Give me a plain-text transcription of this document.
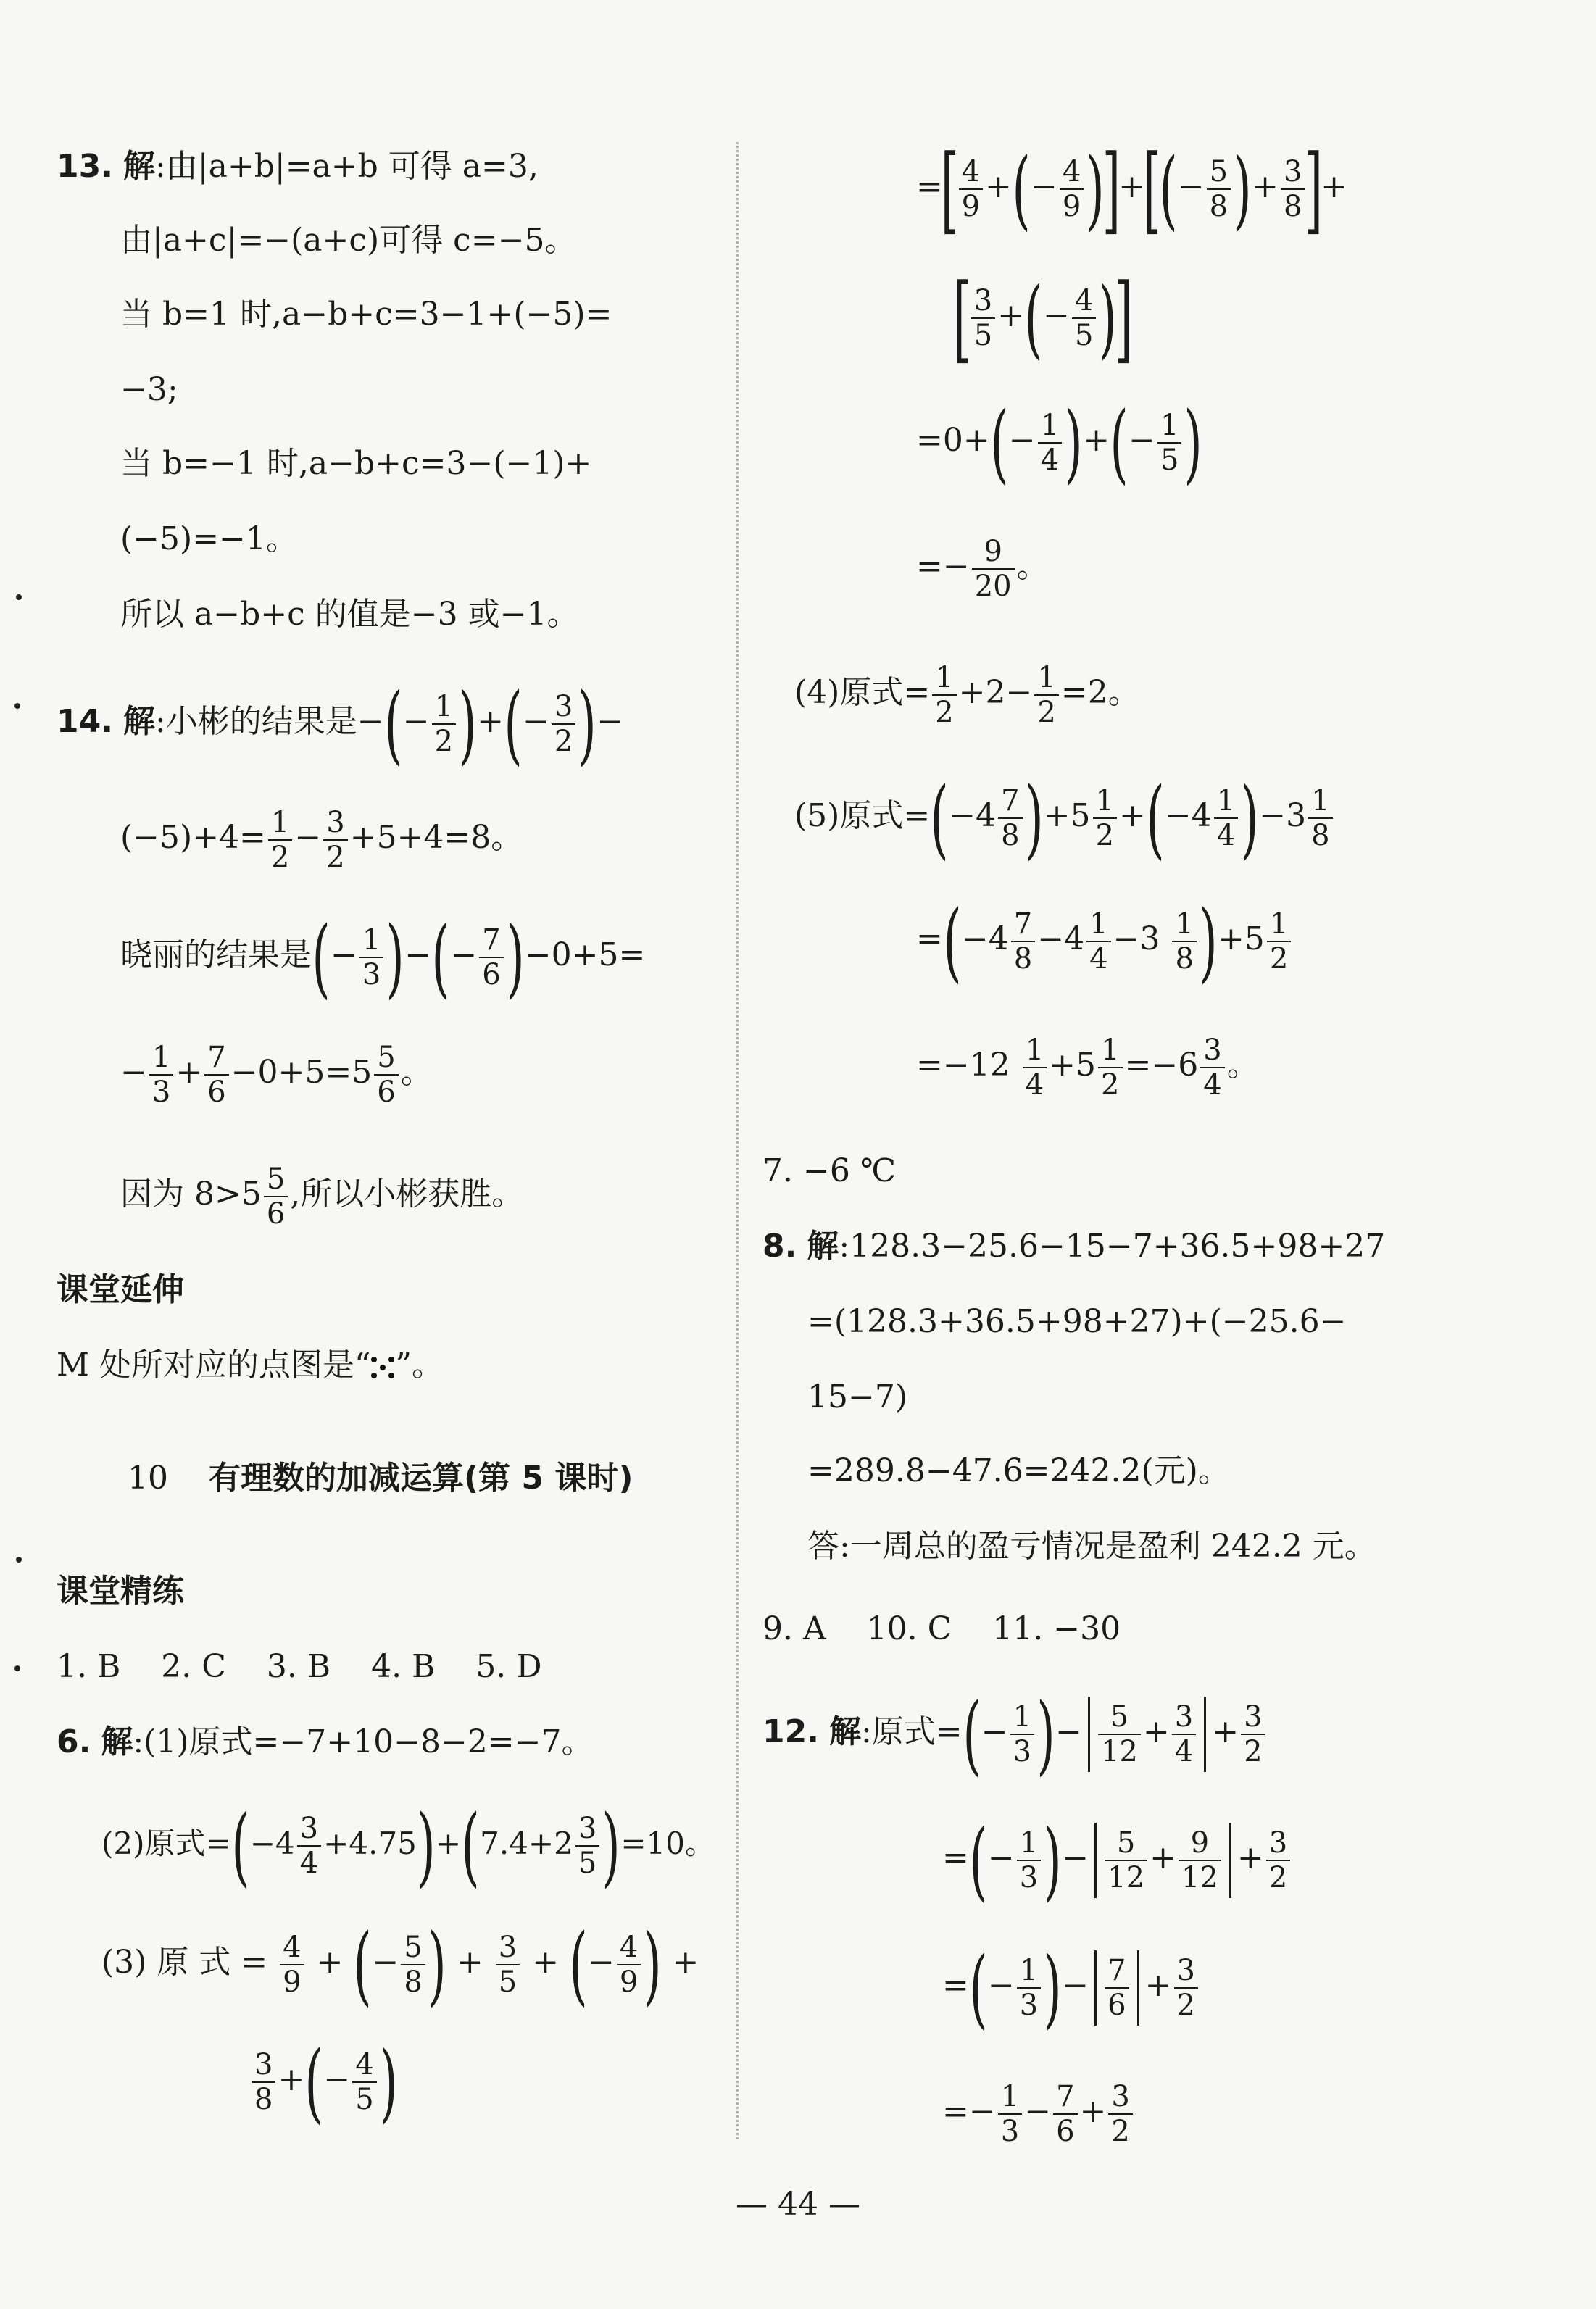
13. 解:由|a+b|=a+b 可得 a=3,
由|a+c|=−(a+c)可得 c=−5。
当 b=1 时,a−b+c=3−1+(−5)=
−3;
当 b=−1 时,a−b+c=3−(−1)+
(−5)=−1。
所以 a−b+c 的值是−3 或−1。
14. 解:小彬的结果是−(− $\frac{1}{2}$ )+(− $\frac{3}{2}$ )−
$(-5)+4= \frac{1}{2} - \frac{3}{2} +5+4=8$。
晓丽的结果是(− $\frac{1}{3}$ )−(− $\frac{7}{6} )-0+5=$
− $\frac{1}{3} + \frac{7}{6} -0+5=5 \frac{5}{6}$ 。
因为 $8>5 \frac{5}{6}$ ,所以小彬获胜。
课堂延伸
M 处所对应的点图是“ ”。
10 有理数的加减运算(第 5 课时)
课堂精练
1. B    2. C    3. B    4. B    5. D
6. 解:(1)原式=−7+10−8−2=−7。
(2)原式$=(-4 \frac{3}{4} +4.75)+(7.4+2 \frac{3}{5} )=10$。
(3) 原 式 = $\frac{4}{9}$ + (− $\frac{5}{8}$ ) + $\frac{3}{5}$ + (− $\frac{4}{9}$ ) +
$\frac{3}{8}$ +(− $\frac{4}{5}$ )
=[ $\frac{4}{9}$ +(− $\frac{4}{9}$ )]+[(− $\frac{5}{8}$ )+ $\frac{3}{8}$ ]+
[ $\frac{3}{5}$ +(− $\frac{4}{5}$ )]
$=0+(- \frac{1}{4}$ )+(− $\frac{1}{5}$ )
=− $\frac{9}{20}$ 。
(4)原式= $\frac{1}{2} +2- \frac{1}{2} =2$。
(5)原式$=(-4 \frac{7}{8} )+5 \frac{1}{2} +(-4 \frac{1}{4} )-3 \frac{1}{8}$
$=(-4 \frac{7}{8} -4 \frac{1}{4} -3 \frac{1}{8} )+5 \frac{1}{2}$
$=-12 \frac{1}{4} +5 \frac{1}{2} =-6 \frac{3}{4}$ 。
7. −6 ℃
8. 解:128.3−25.6−15−7+36.5+98+27
=(128.3+36.5+98+27)+(−25.6−
15−7)
=289.8−47.6=242.2(元)。
答:一周总的盈亏情况是盈利 242.2 元。
9. A    10. C    11. −30
12. 解:原式=(− $\frac{1}{3}$ )− $\frac{5}{12} + \frac{3}{4} + \frac{3}{2}$
=(− $\frac{1}{3}$ )− $\frac{5}{12} + \frac{9}{12} + \frac{3}{2}$
=(− $\frac{1}{3}$ )− $\frac{7}{6} + \frac{3}{2}$
=− $\frac{1}{3} - \frac{7}{6} + \frac{3}{2}$
— 44 —
